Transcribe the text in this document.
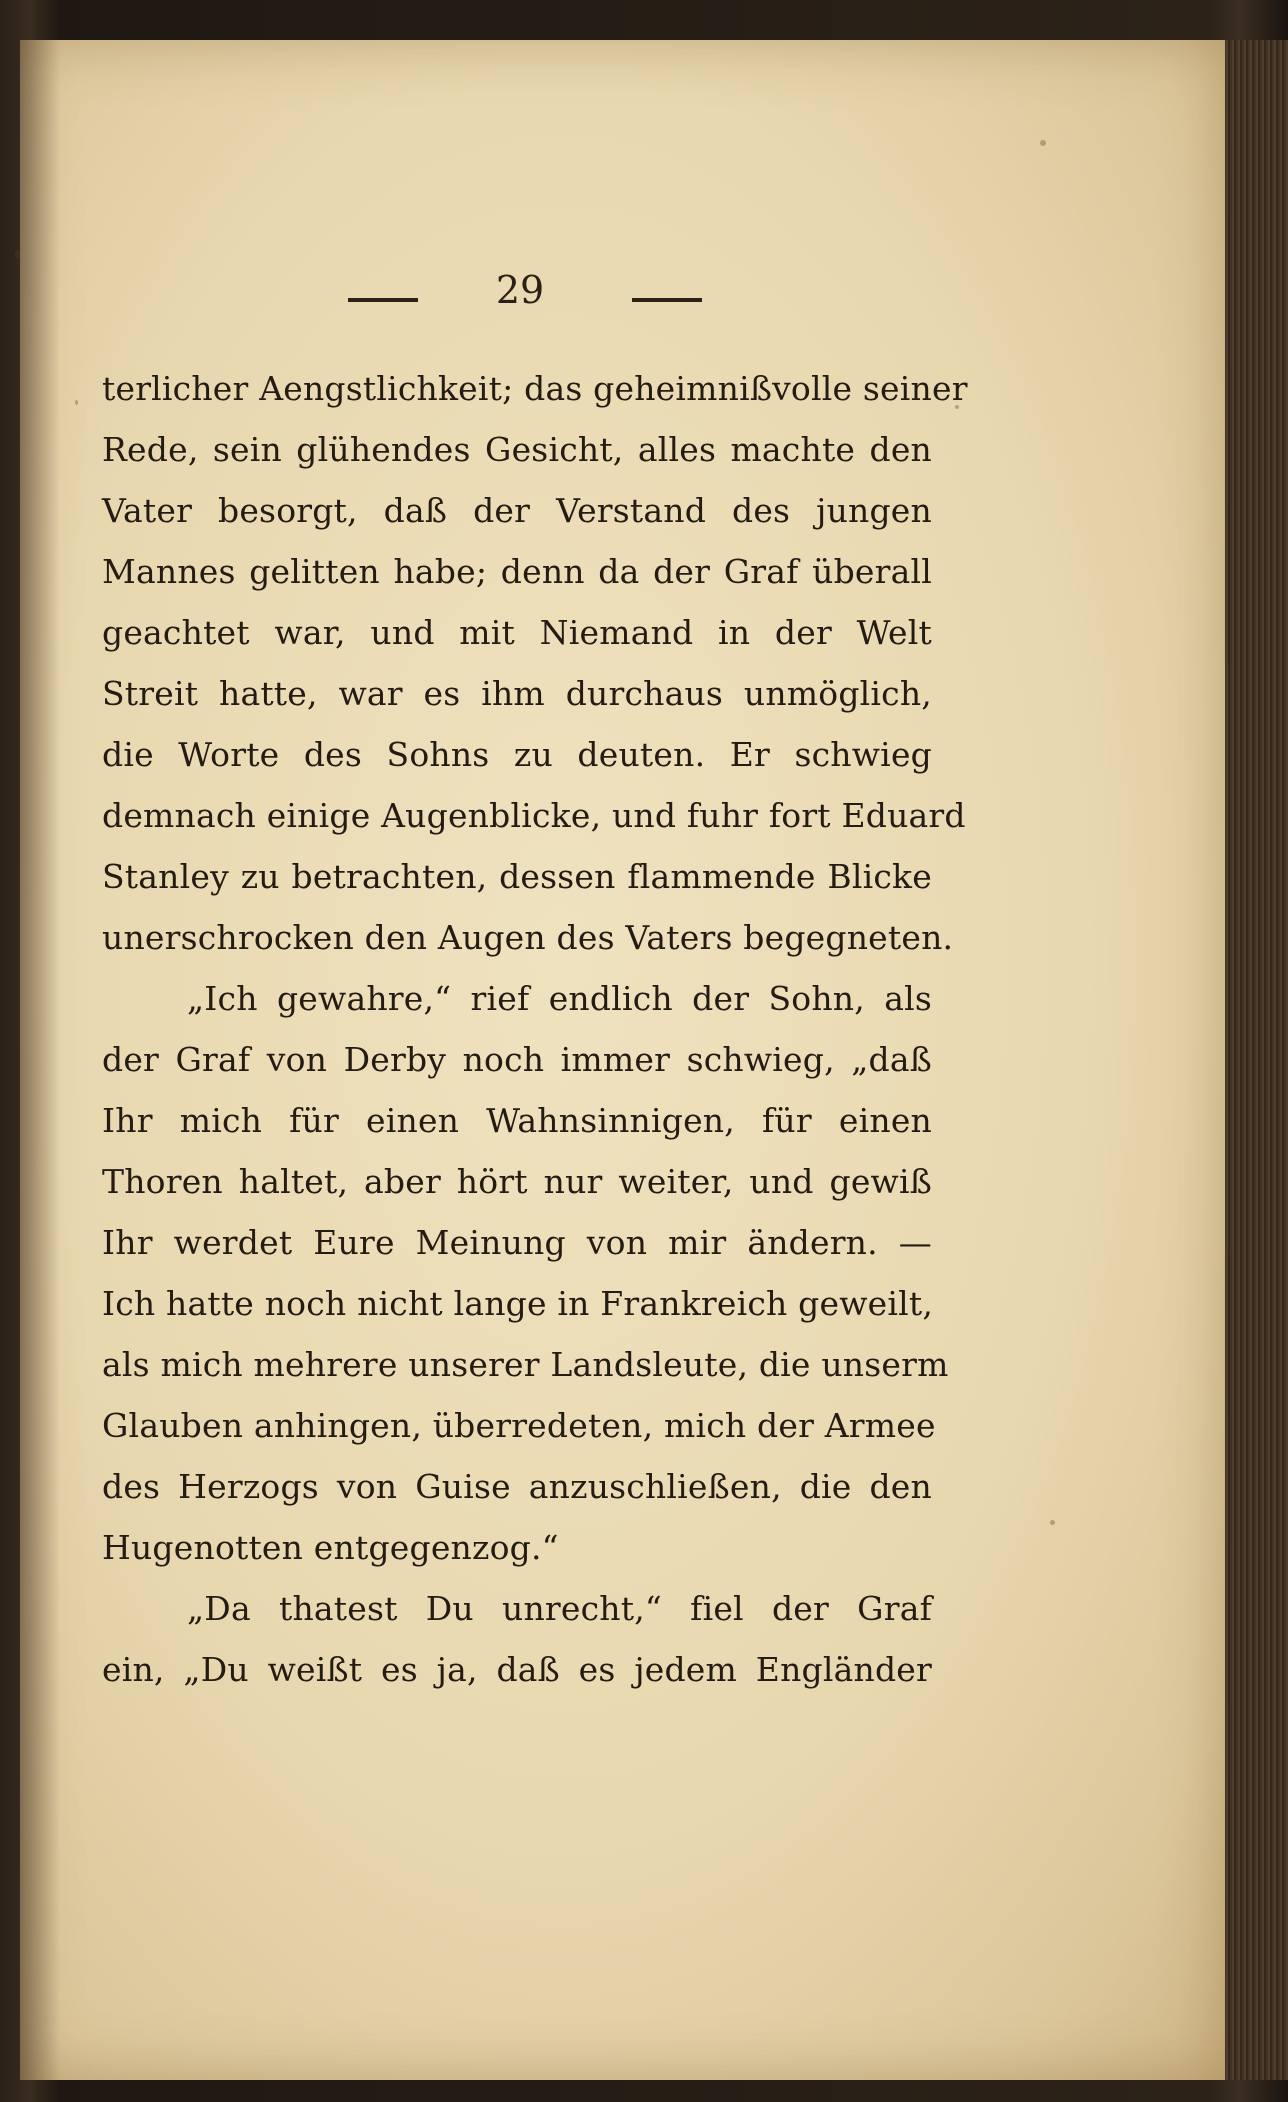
29
terlicher Aengstlichkeit; das geheimnißvolle seiner
Rede, sein glühendes Gesicht, alles machte den
Vater besorgt, daß der Verstand des jungen
Mannes gelitten habe; denn da der Graf überall
geachtet war, und mit Niemand in der Welt
Streit hatte, war es ihm durchaus unmöglich,
die Worte des Sohns zu deuten. Er schwieg
demnach einige Augenblicke, und fuhr fort Eduard
Stanley zu betrachten, dessen flammende Blicke
unerschrocken den Augen des Vaters begegneten.
„Ich gewahre,“ rief endlich der Sohn, als
der Graf von Derby noch immer schwieg, „daß
Ihr mich für einen Wahnsinnigen, für einen
Thoren haltet, aber hört nur weiter, und gewiß
Ihr werdet Eure Meinung von mir ändern. —
Ich hatte noch nicht lange in Frankreich geweilt,
als mich mehrere unserer Landsleute, die unserm
Glauben anhingen, überredeten, mich der Armee
des Herzogs von Guise anzuschließen, die den
Hugenotten entgegenzog.“
„Da thatest Du unrecht,“ fiel der Graf
ein, „Du weißt es ja, daß es jedem Engländer
